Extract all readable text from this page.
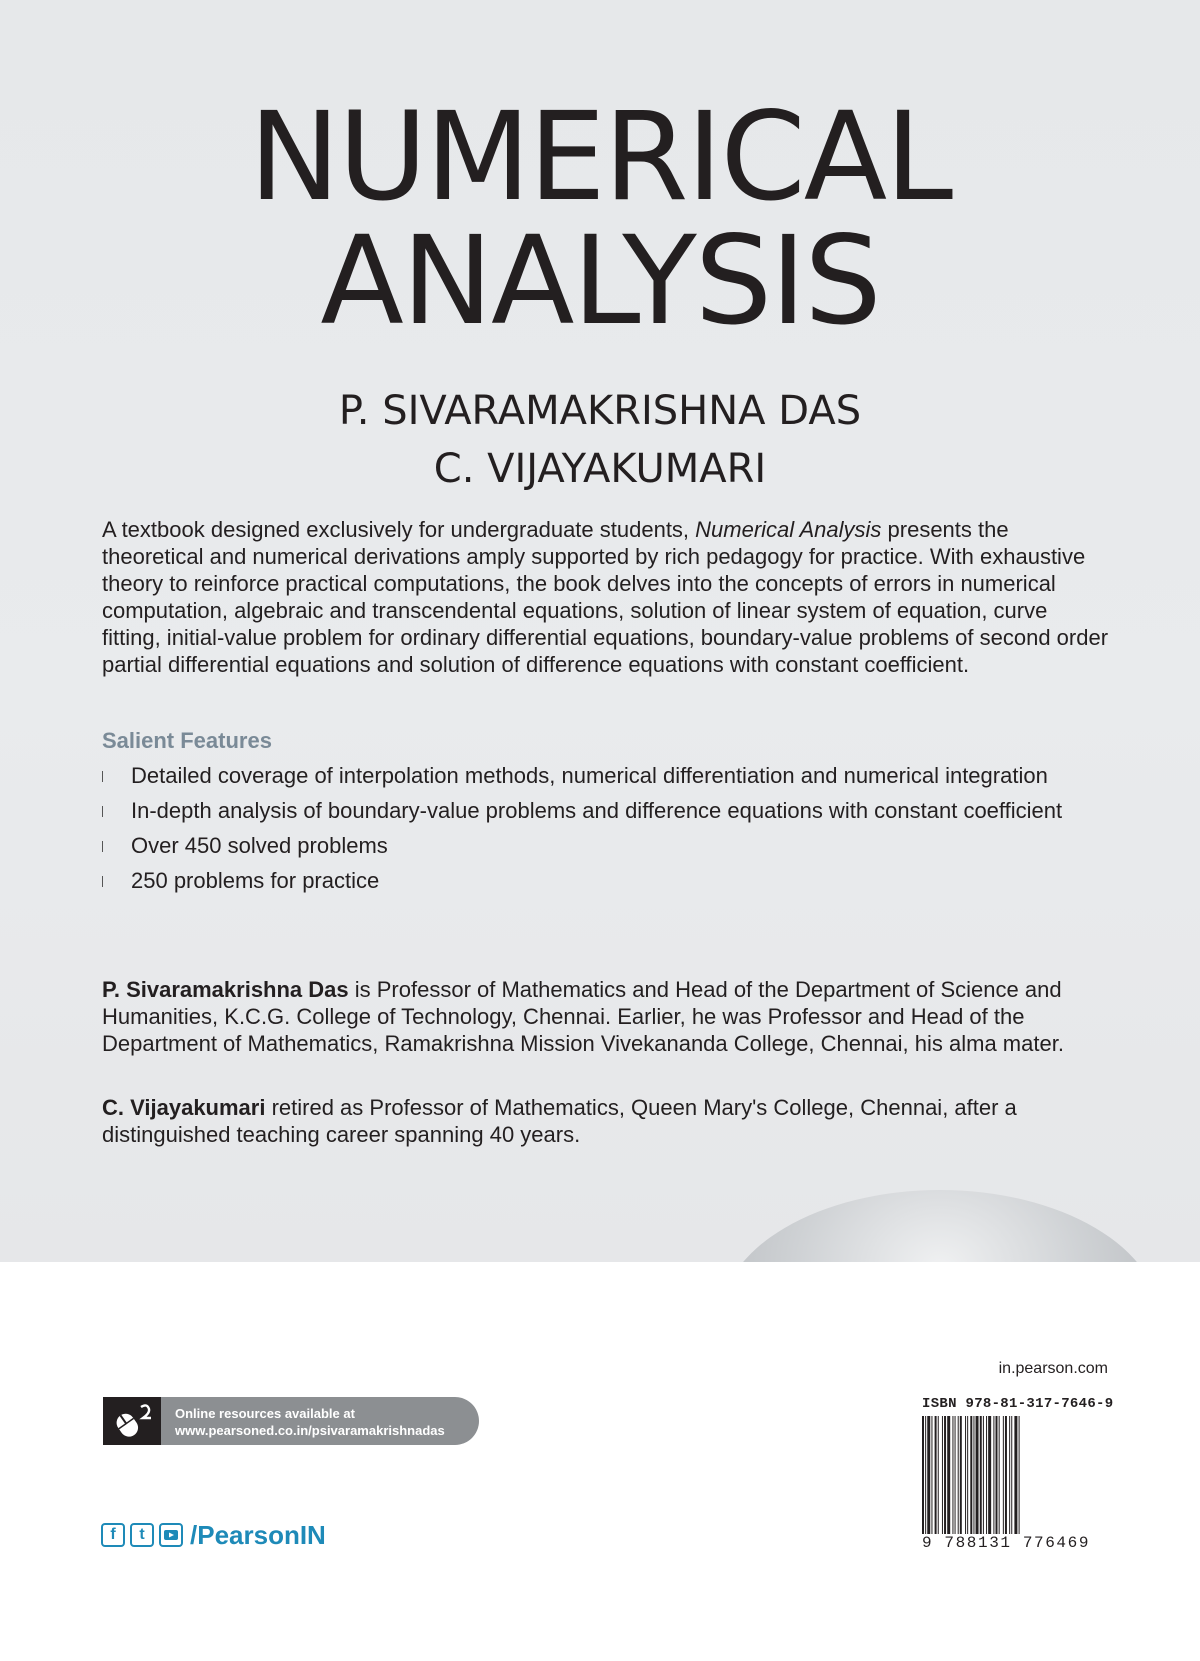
NUMERICAL
ANALYSIS
P. SIVARAMAKRISHNA DAS
C. VIJAYAKUMARI

A textbook designed exclusively for undergraduate students, Numerical Analysis presents the theoretical and numerical derivations amply supported by rich pedagogy for practice. With exhaustive theory to reinforce practical computations, the book delves into the concepts of errors in numerical computation, algebraic and transcendental equations, solution of linear system of equation, curve fitting, initial-value problem for ordinary differential equations, boundary-value problems of second order partial differential equations and solution of difference equations with constant coefficient.

Salient Features
Detailed coverage of interpolation methods, numerical differentiation and numerical integration
In-depth analysis of boundary-value problems and difference equations with constant coefficient
Over 450 solved problems
250 problems for practice

P. Sivaramakrishna Das is Professor of Mathematics and Head of the Department of Science and Humanities, K.C.G. College of Technology, Chennai. Earlier, he was Professor and Head of the Department of Mathematics, Ramakrishna Mission Vivekananda College, Chennai, his alma mater.

C. Vijayakumari retired as Professor of Mathematics, Queen Mary's College, Chennai, after a distinguished teaching career spanning 40 years.

Online resources available at
www.pearsoned.co.in/psivaramakrishnadas
f	t	/PearsonIN
in.pearson.com
ISBN 978-81-317-7646-9
9 788131 776469
